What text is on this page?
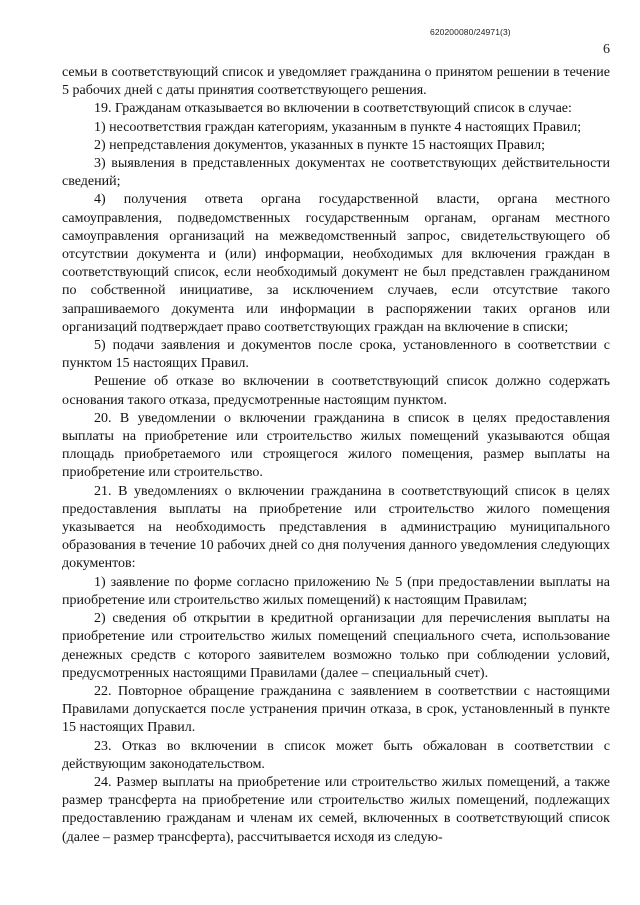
620200080/24971(3)
6

семьи в соответствующий список и уведомляет гражданина о принятом решении в течение 5 рабочих дней с даты принятия соответствующего решения.

19. Гражданам отказывается во включении в соответствующий список в случае:

1) несоответствия граждан категориям, указанным в пункте 4 настоящих Правил;

2) непредставления документов, указанных в пункте 15 настоящих Правил;

3) выявления в представленных документах не соответствующих действительности сведений;

4) получения ответа органа государственной власти, органа местного самоуправления, подведомственных государственным органам, органам местного самоуправления организаций на межведомственный запрос, свидетельствующего об отсутствии документа и (или) информации, необходимых для включения граждан в соответствующий список, если необходимый документ не был представлен гражданином по собственной инициативе, за исключением случаев, если отсутствие такого запрашиваемого документа или информации в распоряжении таких органов или организаций подтверждает право соответствующих граждан на включение в списки;

5) подачи заявления и документов после срока, установленного в соответствии с пунктом 15 настоящих Правил.

Решение об отказе во включении в соответствующий список должно содержать основания такого отказа, предусмотренные настоящим пунктом.

20. В уведомлении о включении гражданина в список в целях предоставления выплаты на приобретение или строительство жилых помещений указываются общая площадь приобретаемого или строящегося жилого помещения, размер выплаты на приобретение или строительство.

21. В уведомлениях о включении гражданина в соответствующий список в целях предоставления выплаты на приобретение или строительство жилого помещения указывается на необходимость представления в администрацию муниципального образования в течение 10 рабочих дней со дня получения данного уведомления следующих документов:

1) заявление по форме согласно приложению № 5 (при предоставлении выплаты на приобретение или строительство жилых помещений) к настоящим Правилам;

2) сведения об открытии в кредитной организации для перечисления выплаты на приобретение или строительство жилых помещений специального счета, использование денежных средств с которого заявителем возможно только при соблюдении условий, предусмотренных настоящими Правилами (далее – специальный счет).

22. Повторное обращение гражданина с заявлением в соответствии с настоящими Правилами допускается после устранения причин отказа, в срок, установленный в пункте 15 настоящих Правил.

23. Отказ во включении в список может быть обжалован в соответствии с действующим законодательством.

24. Размер выплаты на приобретение или строительство жилых помещений, а также размер трансферта на приобретение или строительство жилых помещений, подлежащих предоставлению гражданам и членам их семей, включенных в соответствующий список (далее – размер трансферта), рассчитывается исходя из следую-
